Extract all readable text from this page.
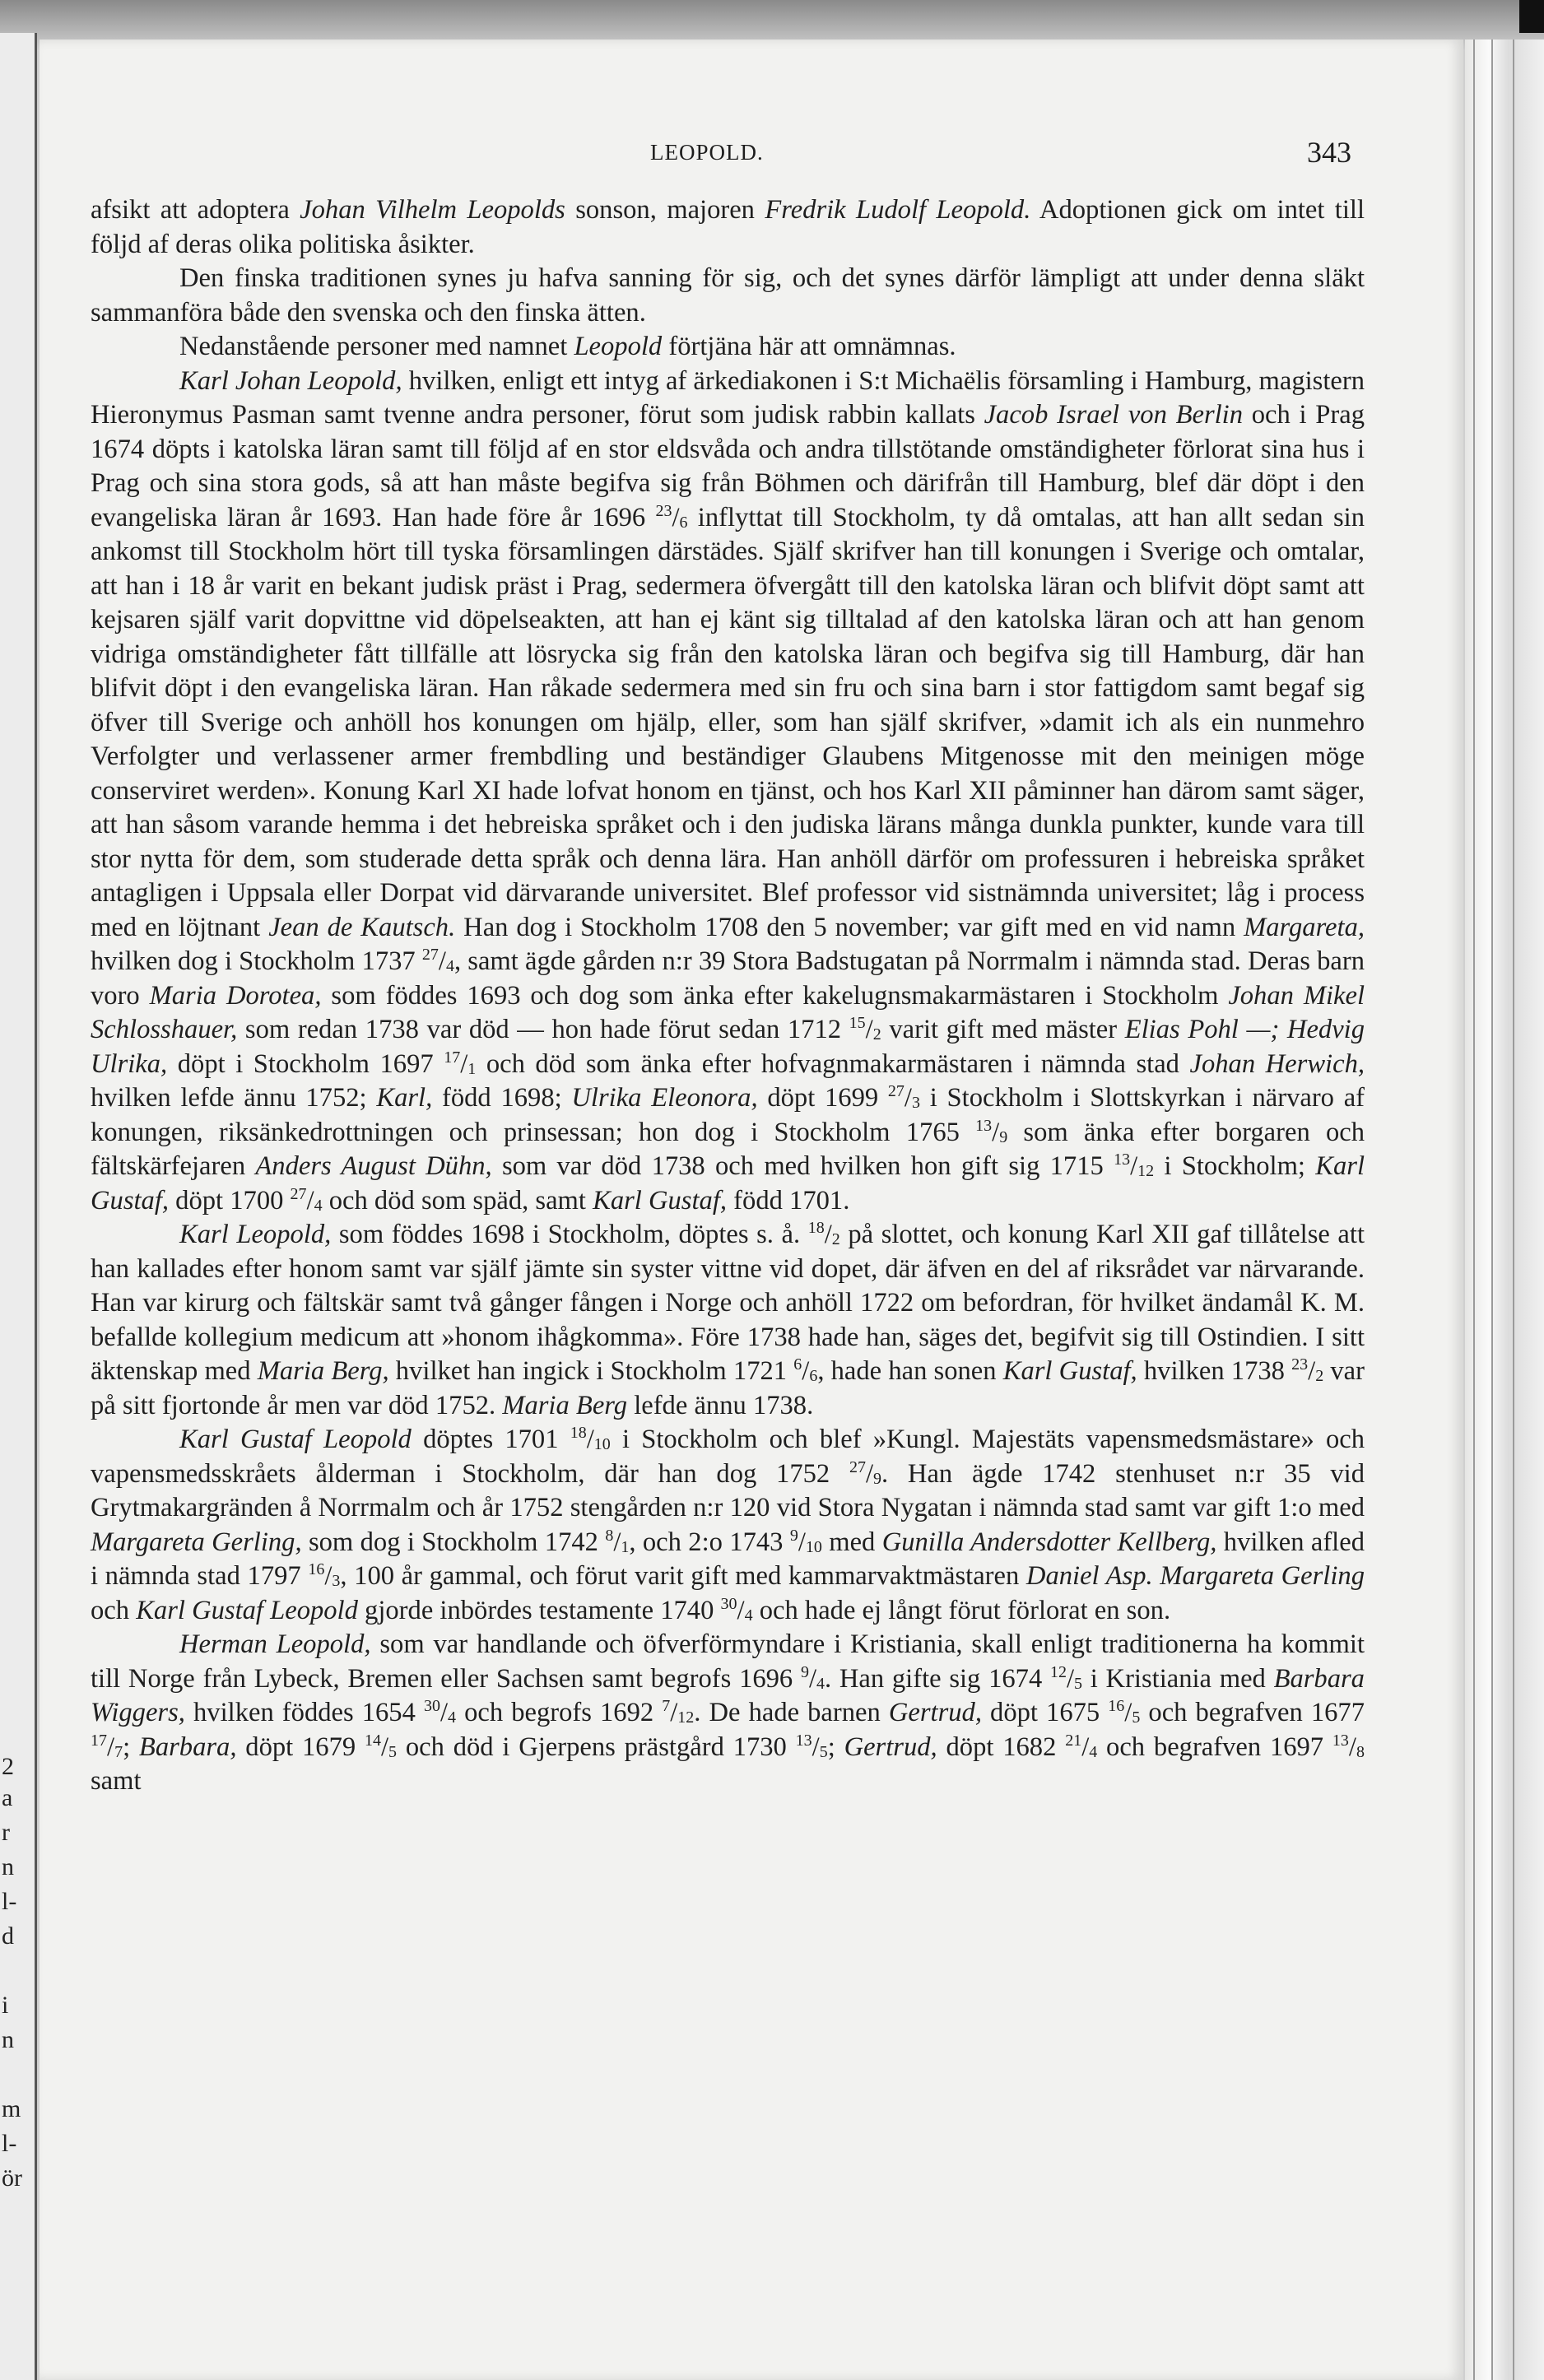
2
a
r
n
l-
d
i
n
m
l-
ör
LEOPOLD.	343

afsikt att adoptera Johan Vilhelm Leopolds sonson, majoren Fredrik Ludolf Leopold. Adoptionen gick om intet till följd af deras olika politiska åsikter.

Den finska traditionen synes ju hafva sanning för sig, och det synes därför lämpligt att under denna släkt sammanföra både den svenska och den finska ätten.

Nedanstående personer med namnet Leopold förtjäna här att omnämnas.

Karl Johan Leopold, hvilken, enligt ett intyg af ärkediakonen i S:t Michaëlis församling i Hamburg, magistern Hieronymus Pasman samt tvenne andra personer, förut som judisk rabbin kallats Jacob Israel von Berlin och i Prag 1674 döpts i katolska läran samt till följd af en stor eldsvåda och andra tillstötande omständigheter förlorat sina hus i Prag och sina stora gods, så att han måste begifva sig från Böhmen och därifrån till Hamburg, blef där döpt i den evangeliska läran år 1693. Han hade före år 1696 $^{23}/_6$ inflyttat till Stockholm, ty då omtalas, att han allt sedan sin ankomst till Stockholm hört till tyska församlingen därstädes. Själf skrifver han till konungen i Sverige och omtalar, att han i 18 år varit en bekant judisk präst i Prag, sedermera öfvergått till den katolska läran och blifvit döpt samt att kejsaren själf varit dopvittne vid döpelseakten, att han ej känt sig tilltalad af den katolska läran och att han genom vidriga omständigheter fått tillfälle att lösrycka sig från den katolska läran och begifva sig till Hamburg, där han blifvit döpt i den evangeliska läran. Han råkade sedermera med sin fru och sina barn i stor fattigdom samt begaf sig öfver till Sverige och anhöll hos konungen om hjälp, eller, som han själf skrifver, »damit ich als ein nunmehro Verfolgter und verlassener armer frembdling und beständiger Glaubens Mitgenosse mit den meinigen möge conserviret werden». Konung Karl XI hade lofvat honom en tjänst, och hos Karl XII påminner han därom samt säger, att han såsom varande hemma i det hebreiska språket och i den judiska lärans många dunkla punkter, kunde vara till stor nytta för dem, som studerade detta språk och denna lära. Han anhöll därför om professuren i hebreiska språket antagligen i Uppsala eller Dorpat vid därvarande universitet. Blef professor vid sistnämnda universitet; låg i process med en löjtnant Jean de Kautsch. Han dog i Stockholm 1708 den 5 november; var gift med en vid namn Margareta, hvilken dog i Stockholm 1737 $^{27}/_4$, samt ägde gården n:r 39 Stora Badstugatan på Norrmalm i nämnda stad. Deras barn voro Maria Dorotea, som föddes 1693 och dog som änka efter kakelugnsmakarmästaren i Stockholm Johan Mikel Schlosshauer, som redan 1738 var död — hon hade förut sedan 1712 $^{15}/_2$ varit gift med mäster Elias Pohl —; Hedvig Ulrika, döpt i Stockholm 1697 $^{17}/_1$ och död som änka efter hofvagnmakarmästaren i nämnda stad Johan Herwich, hvilken lefde ännu 1752; Karl, född 1698; Ulrika Eleonora, döpt 1699 $^{27}/_3$ i Stockholm i Slottskyrkan i närvaro af konungen, riksänkedrottningen och prinsessan; hon dog i Stockholm 1765 $^{13}/_9$ som änka efter borgaren och fältskärfejaren Anders August Dühn, som var död 1738 och med hvilken hon gift sig 1715 $^{13}/_{12}$ i Stockholm; Karl Gustaf, döpt 1700 $^{27}/_4$ och död som späd, samt Karl Gustaf, född 1701.

Karl Leopold, som föddes 1698 i Stockholm, döptes s. å. $^{18}/_2$ på slottet, och konung Karl XII gaf tillåtelse att han kallades efter honom samt var själf jämte sin syster vittne vid dopet, där äfven en del af riksrådet var närvarande. Han var kirurg och fältskär samt två gånger fången i Norge och anhöll 1722 om befordran, för hvilket ändamål K. M. befallde kollegium medicum att »honom ihågkomma». Före 1738 hade han, säges det, begifvit sig till Ostindien. I sitt äktenskap med Maria Berg, hvilket han ingick i Stockholm 1721 $^6/_6$, hade han sonen Karl Gustaf, hvilken 1738 $^{23}/_2$ var på sitt fjortonde år men var död 1752. Maria Berg lefde ännu 1738.

Karl Gustaf Leopold döptes 1701 $^{18}/_{10}$ i Stockholm och blef »Kungl. Majestäts vapensmedsmästare» och vapensmedsskråets ålderman i Stockholm, där han dog 1752 $^{27}/_9$. Han ägde 1742 stenhuset n:r 35 vid Grytmakargränden å Norrmalm och år 1752 stengården n:r 120 vid Stora Nygatan i nämnda stad samt var gift 1:o med Margareta Gerling, som dog i Stockholm 1742 $^8/_1$, och 2:o 1743 $^9/_{10}$ med Gunilla Andersdotter Kellberg, hvilken afled i nämnda stad 1797 $^{16}/_3$, 100 år gammal, och förut varit gift med kammarvaktmästaren Daniel Asp. Margareta Gerling och Karl Gustaf Leopold gjorde inbördes testamente 1740 $^{30}/_4$ och hade ej långt förut förlorat en son.

Herman Leopold, som var handlande och öfverförmyndare i Kristiania, skall enligt traditionerna ha kommit till Norge från Lybeck, Bremen eller Sachsen samt begrofs 1696 $^9/_4$. Han gifte sig 1674 $^{12}/_5$ i Kristiania med Barbara Wiggers, hvilken föddes 1654 $^{30}/_4$ och begrofs 1692 $^7/_{12}$. De hade barnen Gertrud, döpt 1675 $^{16}/_5$ och begrafven 1677 $^{17}/_7$; Barbara, döpt 1679 $^{14}/_5$ och död i Gjerpens prästgård 1730 $^{13}/_5$; Gertrud, döpt 1682 $^{21}/_4$ och begrafven 1697 $^{13}/_8$ samt
